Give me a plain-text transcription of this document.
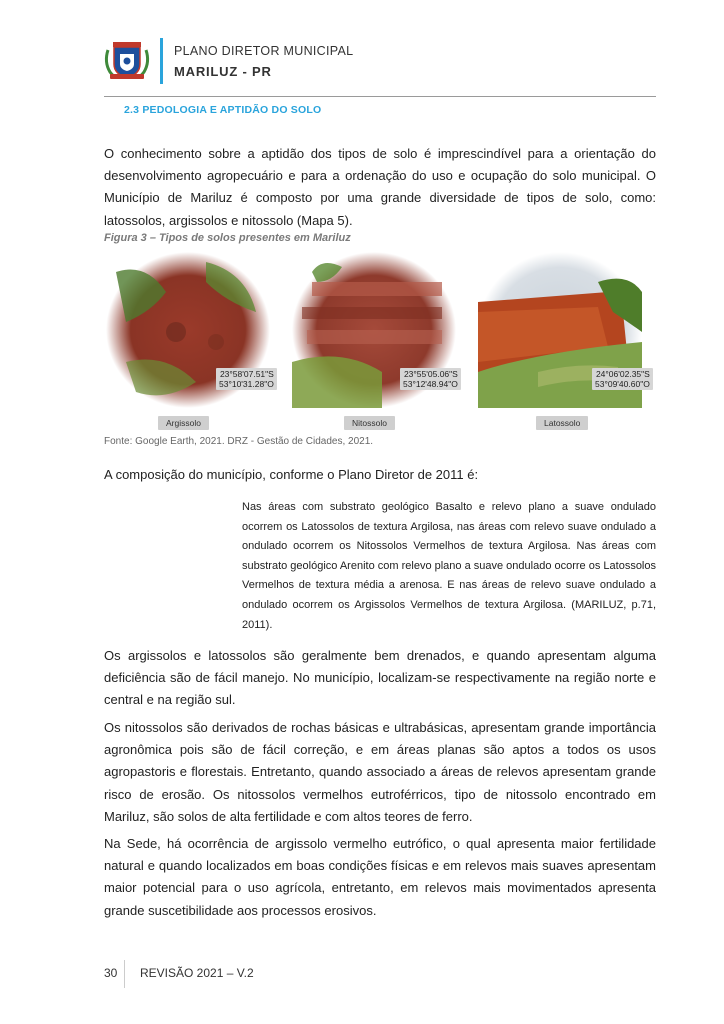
PLANO DIRETOR MUNICIPAL
MARILUZ - PR
2.3 PEDOLOGIA E APTIDÃO DO SOLO

O conhecimento sobre a aptidão dos tipos de solo é imprescindível para a orientação do desenvolvimento agropecuário e para a ordenação do uso e ocupação do solo municipal. O Município de Mariluz é composto por uma grande diversidade de tipos de solo, como: latossolos, argissolos e nitossolo (Mapa 5).

Figura 3 – Tipos de solos presentes em Mariluz
23°58'07.51"S
53°10'31.28"O
Argissolo
23°55'05.06"S
53°12'48.94"O
Nitossolo
24°06'02.35"S
53°09'40.60"O
Latossolo
Fonte: Google Earth, 2021. DRZ - Gestão de Cidades, 2021.

A composição do município, conforme o Plano Diretor de 2011 é:

Nas áreas com substrato geológico Basalto e relevo plano a suave ondulado ocorrem os Latossolos de textura Argilosa, nas áreas com relevo suave ondulado a ondulado ocorrem os Nitossolos Vermelhos de textura Argilosa. Nas áreas com substrato geológico Arenito com relevo plano a suave ondulado ocorre os Latossolos Vermelhos de textura média a arenosa. E nas áreas de relevo suave ondulado a ondulado ocorrem os Argissolos Vermelhos de textura Argilosa. (MARILUZ, p.71, 2011).

Os argissolos e latossolos são geralmente bem drenados, e quando apresentam alguma deficiência são de fácil manejo. No município, localizam-se respectivamente na região norte e central e na região sul.

Os nitossolos são derivados de rochas básicas e ultrabásicas, apresentam grande importância agronômica pois são de fácil correção, e em áreas planas são aptos a todos os usos agropastoris e florestais. Entretanto, quando associado a áreas de relevos apresentam grande risco de erosão. Os nitossolos vermelhos eutroférricos, tipo de nitossolo encontrado em Mariluz, são solos de alta fertilidade e com altos teores de ferro.

Na Sede, há ocorrência de argissolo vermelho eutrófico, o qual apresenta maior fertilidade natural e quando localizados em boas condições físicas e em relevos mais suaves apresentam maior potencial para o uso agrícola, entretanto, em relevos mais movimentados apresenta grande suscetibilidade aos processos erosivos.

30 REVISÃO 2021 – V.2
